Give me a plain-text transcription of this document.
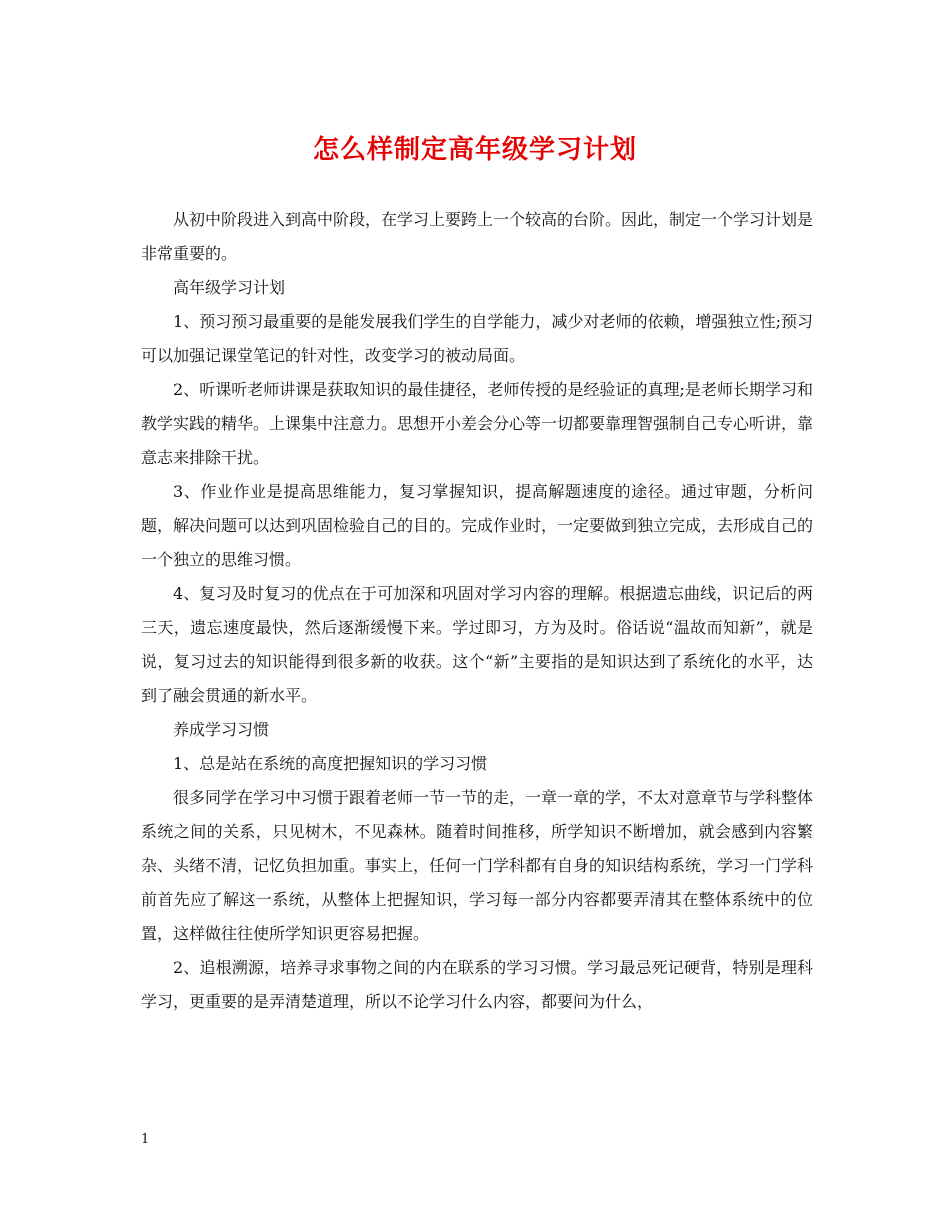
怎么样制定高年级学习计划

从初中阶段进入到高中阶段，在学习上要跨上一个较高的台阶。因此，制定一个学习计划是非常重要的。

高年级学习计划

1、预习预习最重要的是能发展我们学生的自学能力，减少对老师的依赖，增强独立性;预习可以加强记课堂笔记的针对性，改变学习的被动局面。

2、听课听老师讲课是获取知识的最佳捷径，老师传授的是经验证的真理;是老师长期学习和教学实践的精华。上课集中注意力。思想开小差会分心等一切都要靠理智强制自己专心听讲，靠意志来排除干扰。

3、作业作业是提高思维能力，复习掌握知识，提高解题速度的途径。通过审题，分析问题，解决问题可以达到巩固检验自己的目的。完成作业时，一定要做到独立完成，去形成自己的一个独立的思维习惯。

4、复习及时复习的优点在于可加深和巩固对学习内容的理解。根据遗忘曲线，识记后的两三天，遗忘速度最快，然后逐渐缓慢下来。学过即习，方为及时。俗话说“温故而知新”，就是说，复习过去的知识能得到很多新的收获。这个“新”主要指的是知识达到了系统化的水平，达到了融会贯通的新水平。

养成学习习惯

1、总是站在系统的高度把握知识的学习习惯

很多同学在学习中习惯于跟着老师一节一节的走，一章一章的学，不太对意章节与学科整体系统之间的关系，只见树木，不见森林。随着时间推移，所学知识不断增加，就会感到内容繁杂、头绪不清，记忆负担加重。事实上，任何一门学科都有自身的知识结构系统，学习一门学科前首先应了解这一系统，从整体上把握知识，学习每一部分内容都要弄清其在整体系统中的位置，这样做往往使所学知识更容易把握。

2、追根溯源，培养寻求事物之间的内在联系的学习习惯。学习最忌死记硬背，特别是理科学习，更重要的是弄清楚道理，所以不论学习什么内容，都要问为什么，

1
